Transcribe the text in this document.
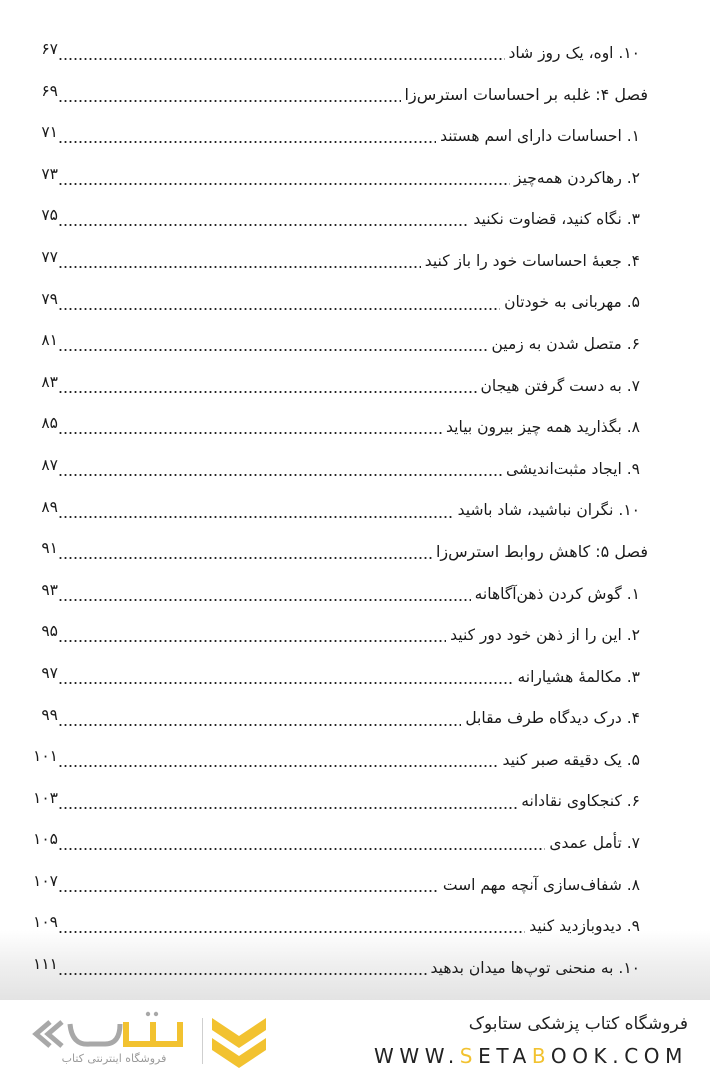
۱۰. اوه، یک روز شاد
۶۷
فصل ۴: غلبه بر احساسات استرس‌زا
۶۹
۱. احساسات دارای اسم هستند
۷۱
۲. رهاکردن همه‌چیز
۷۳
۳. نگاه کنید، قضاوت نکنید
۷۵
۴. جعبهٔ احساسات خود را باز کنید
۷۷
۵. مهربانی به خودتان
۷۹
۶. متصل شدن به زمین
۸۱
۷. به دست گرفتن هیجان
۸۳
۸. بگذارید همه چیز بیرون بیاید
۸۵
۹. ایجاد مثبت‌اندیشی
۸۷
۱۰. نگران نباشید، شاد باشید
۸۹
فصل ۵: کاهش روابط استرس‌زا
۹۱
۱. گوش کردن ذهن‌آگاهانه
۹۳
۲. این را از ذهن خود دور کنید
۹۵
۳. مکالمهٔ هشیارانه
۹۷
۴. درک دیدگاه طرف مقابل
۹۹
۵. یک دقیقه صبر کنید
۱۰۱
۶. کنجکاوی نقادانه
۱۰۳
۷. تأمل عمدی
۱۰۵
۸. شفاف‌سازی آنچه مهم است
۱۰۷
۹. دیدوبازدید کنید
۱۰۹
۱۰. به منحنی توپ‌ها میدان بدهید
۱۱۱
فروشگاه کتاب پزشکی ستابوک
WWW.SETABOOK.COM
فروشگاه اینترنتی کتاب
